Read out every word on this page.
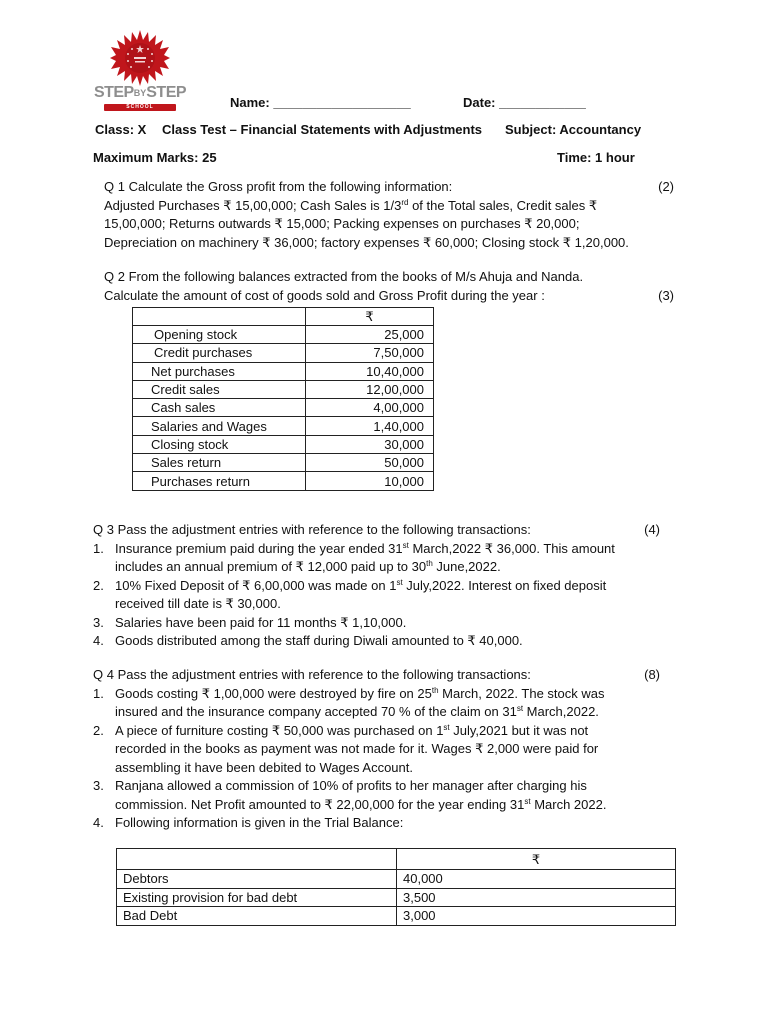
STEPBYSTEP
SCHOOL	Name: ___________________	Date: ____________
Class: X Class Test – Financial Statements with Adjustments Subject: Accountancy
Maximum Marks: 25	Time: 1 hour
Q 1 Calculate the Gross profit from the following information:	(2)
Adjusted Purchases ₹ 15,00,000; Cash Sales is 1/3rd of the Total sales, Credit sales ₹
15,00,000; Returns outwards ₹ 15,000; Packing expenses on purchases ₹ 20,000;
Depreciation on machinery ₹ 36,000; factory expenses ₹ 60,000; Closing stock ₹ 1,20,000.
Q 2 From the following balances extracted from the books of M/s Ahuja and Nanda.
Calculate the amount of cost of goods sold and Gross Profit during the year :	(3)
	₹
Opening stock	25,000
Credit purchases	7,50,000
Net purchases	10,40,000
Credit sales	12,00,000
Cash sales	4,00,000
Salaries and Wages	1,40,000
Closing stock	30,000
Sales return	50,000
Purchases return	10,000
Q 3 Pass the adjustment entries with reference to the following transactions:	(4)
1. Insurance premium paid during the year ended 31st March,2022 ₹ 36,000. This amount
includes an annual premium of ₹ 12,000 paid up to 30th June,2022.
2. 10% Fixed Deposit of ₹ 6,00,000 was made on 1st July,2022. Interest on fixed deposit
received till date is ₹ 30,000.
3. Salaries have been paid for 11 months ₹ 1,10,000.
4. Goods distributed among the staff during Diwali amounted to ₹ 40,000.
Q 4 Pass the adjustment entries with reference to the following transactions:	(8)
1. Goods costing ₹ 1,00,000 were destroyed by fire on 25th March, 2022. The stock was
insured and the insurance company accepted 70 % of the claim on 31st March,2022.
2. A piece of furniture costing ₹ 50,000 was purchased on 1st July,2021 but it was not
recorded in the books as payment was not made for it. Wages ₹ 2,000 were paid for
assembling it have been debited to Wages Account.
3. Ranjana allowed a commission of 10% of profits to her manager after charging his
commission. Net Profit amounted to ₹ 22,00,000 for the year ending 31st March 2022.
4. Following information is given in the Trial Balance:
	₹
Debtors	40,000
Existing provision for bad debt	3,500
Bad Debt	3,000
